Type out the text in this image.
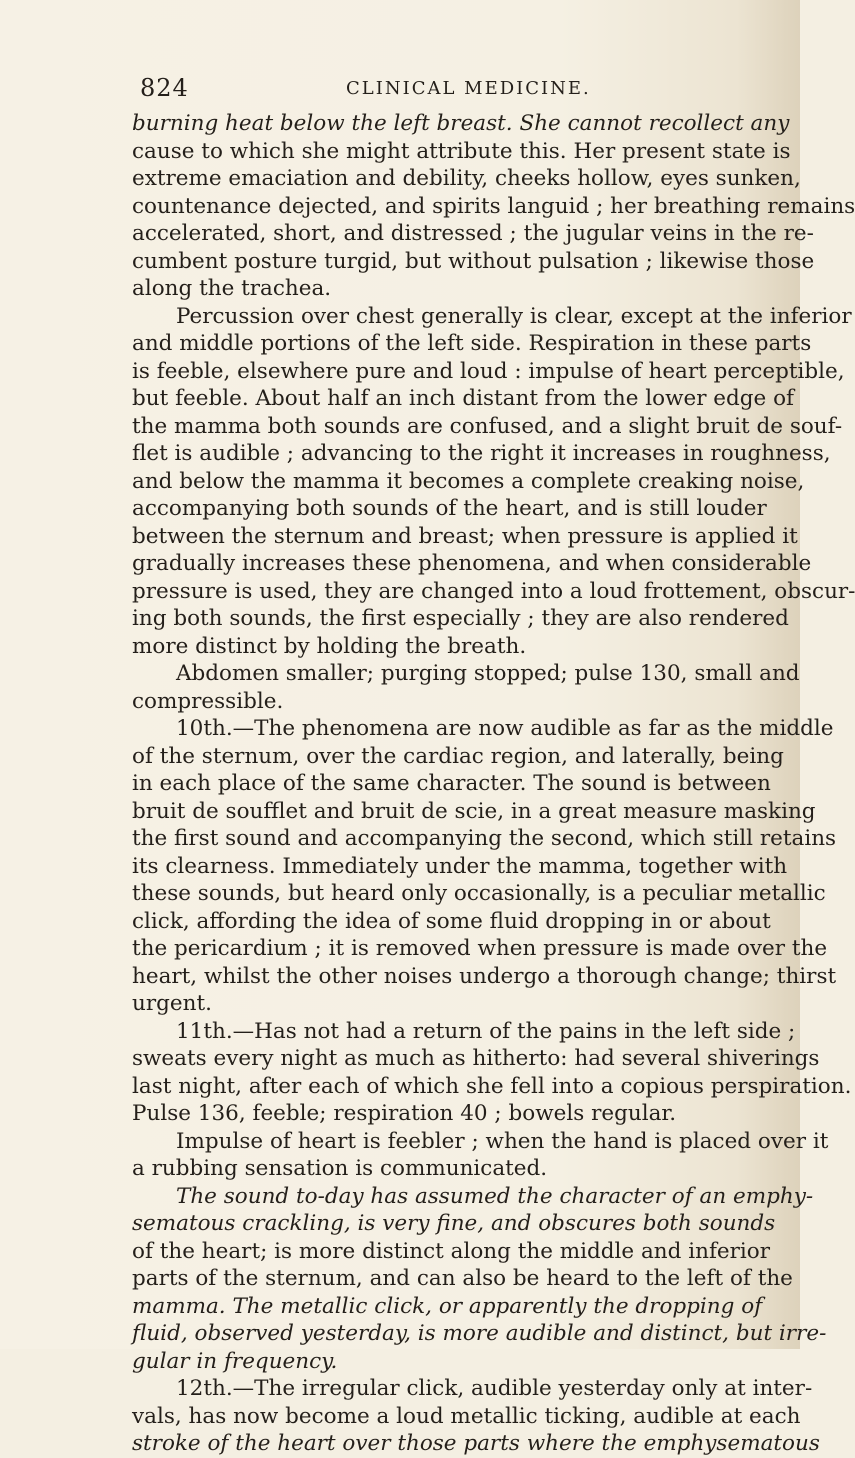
824	CLINICAL MEDICINE.
burning heat below the left breast. She cannot recollect any
cause to which she might attribute this. Her present state is
extreme emaciation and debility, cheeks hollow, eyes sunken,
countenance dejected, and spirits languid ; her breathing remains
accelerated, short, and distressed ; the jugular veins in the re-
cumbent posture turgid, but without pulsation ; likewise those
along the trachea.
Percussion over chest generally is clear, except at the inferior
and middle portions of the left side. Respiration in these parts
is feeble, elsewhere pure and loud : impulse of heart perceptible,
but feeble. About half an inch distant from the lower edge of
the mamma both sounds are confused, and a slight bruit de souf-
flet is audible ; advancing to the right it increases in roughness,
and below the mamma it becomes a complete creaking noise,
accompanying both sounds of the heart, and is still louder
between the sternum and breast; when pressure is applied it
gradually increases these phenomena, and when considerable
pressure is used, they are changed into a loud frottement, obscur-
ing both sounds, the first especially ; they are also rendered
more distinct by holding the breath.
Abdomen smaller; purging stopped; pulse 130, small and
compressible.
10th.—The phenomena are now audible as far as the middle
of the sternum, over the cardiac region, and laterally, being
in each place of the same character. The sound is between
bruit de soufflet and bruit de scie, in a great measure masking
the first sound and accompanying the second, which still retains
its clearness. Immediately under the mamma, together with
these sounds, but heard only occasionally, is a peculiar metallic
click, affording the idea of some fluid dropping in or about
the pericardium ; it is removed when pressure is made over the
heart, whilst the other noises undergo a thorough change; thirst
urgent.
11th.—Has not had a return of the pains in the left side ;
sweats every night as much as hitherto: had several shiverings
last night, after each of which she fell into a copious perspiration.
Pulse 136, feeble; respiration 40 ; bowels regular.
Impulse of heart is feebler ; when the hand is placed over it
a rubbing sensation is communicated.
The sound to-day has assumed the character of an emphy-
sematous crackling, is very fine, and obscures both sounds
of the heart; is more distinct along the middle and inferior
parts of the sternum, and can also be heard to the left of the
mamma. The metallic click, or apparently the dropping of
fluid, observed yesterday, is more audible and distinct, but irre-
gular in frequency.
12th.—The irregular click, audible yesterday only at inter-
vals, has now become a loud metallic ticking, audible at each
stroke of the heart over those parts where the emphysematous
